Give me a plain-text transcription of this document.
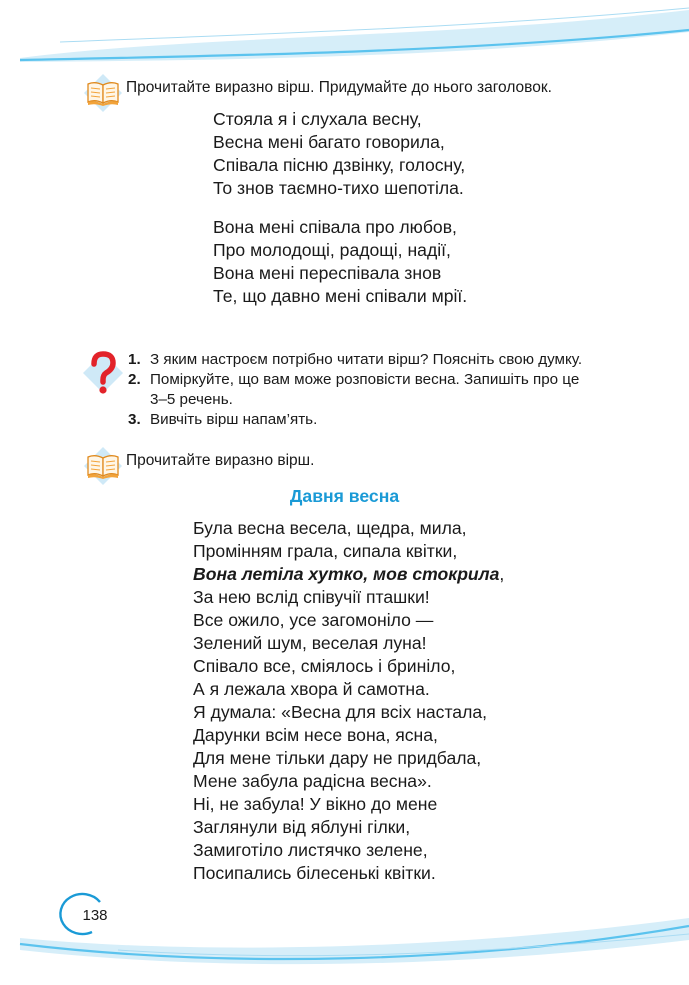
Прочитайте виразно вірш. Придумайте до нього заголовок.
Стояла я і слухала весну,
Весна мені багато говорила,
Співала пісню дзвінку, голосну,
То знов таємно-тихо шепотіла.
Вона мені співала про любов,
Про молодощі, радощі, надії,
Вона мені переспівала знов
Те, що давно мені співали мрії.
1. З яким настроєм потрібно читати вірш? Поясніть свою думку.
2. Поміркуйте, що вам може розповісти весна. Запишіть про це
3–5 речень.
3. Вивчіть вірш напам’ять.
Прочитайте виразно вірш.
Давня весна
Була весна весела, щедра, мила,
Промінням грала, сипала квітки,
Вона летіла хутко, мов стокрила,
За нею вслід співучії пташки!
Все ожило, усе загомоніло —
Зелений шум, веселая луна!
Співало все, сміялось і бриніло,
А я лежала хвора й самотна.
Я думала: «Весна для всіх настала,
Дарунки всім несе вона, ясна,
Для мене тільки дару не придбала,
Мене забула радісна весна».
Ні, не забула! У вікно до мене
Заглянули від яблуні гілки,
Замиготіло листячко зелене,
Посипались білесенькі квітки.
138
